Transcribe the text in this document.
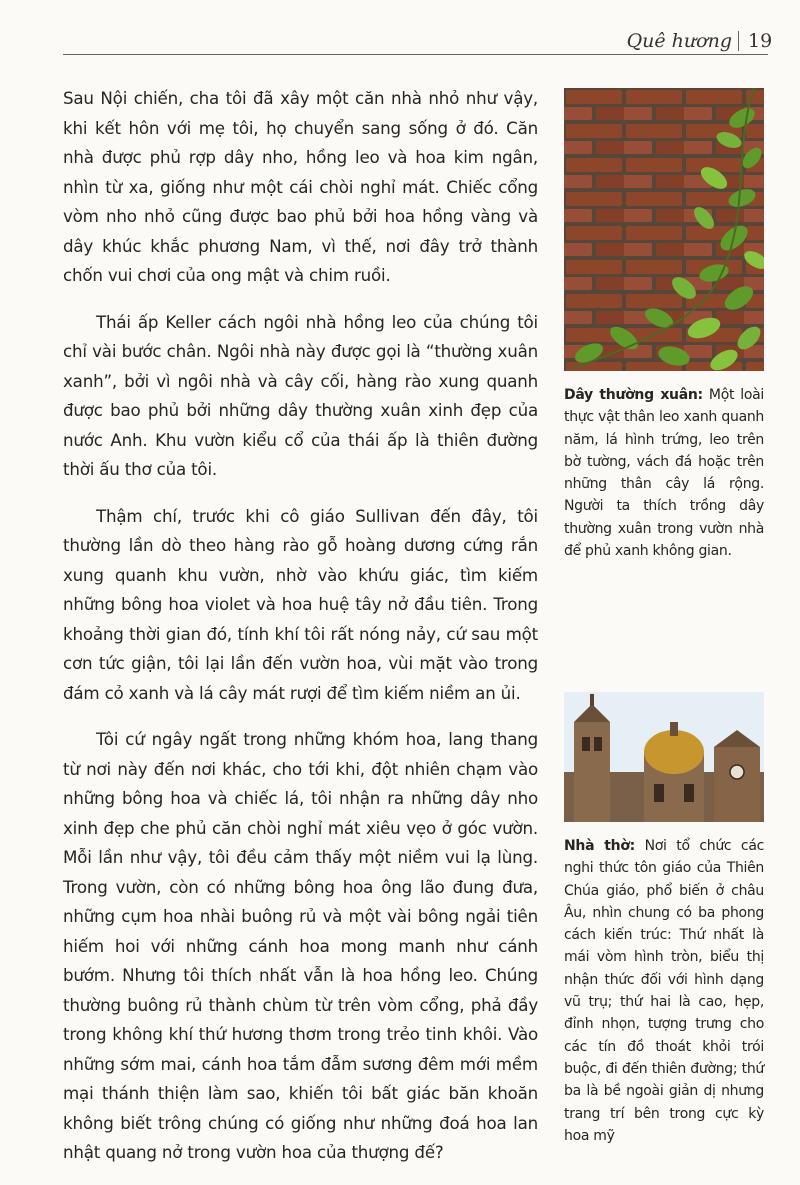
Quê hương 19

Sau Nội chiến, cha tôi đã xây một căn nhà nhỏ như vậy, khi kết hôn với mẹ tôi, họ chuyển sang sống ở đó. Căn nhà được phủ rợp dây nho, hồng leo và hoa kim ngân, nhìn từ xa, giống như một cái chòi nghỉ mát. Chiếc cổng vòm nho nhỏ cũng được bao phủ bởi hoa hồng vàng và dây khúc khắc phương Nam, vì thế, nơi đây trở thành chốn vui chơi của ong mật và chim ruồi.

Thái ấp Keller cách ngôi nhà hồng leo của chúng tôi chỉ vài bước chân. Ngôi nhà này được gọi là “thường xuân xanh”, bởi vì ngôi nhà và cây cối, hàng rào xung quanh được bao phủ bởi những dây thường xuân xinh đẹp của nước Anh. Khu vườn kiểu cổ của thái ấp là thiên đường thời ấu thơ của tôi.

Thậm chí, trước khi cô giáo Sullivan đến đây, tôi thường lần dò theo hàng rào gỗ hoàng dương cứng rắn xung quanh khu vườn, nhờ vào khứu giác, tìm kiếm những bông hoa violet và hoa huệ tây nở đầu tiên. Trong khoảng thời gian đó, tính khí tôi rất nóng nảy, cứ sau một cơn tức giận, tôi lại lần đến vườn hoa, vùi mặt vào trong đám cỏ xanh và lá cây mát rượi để tìm kiếm niềm an ủi.

Tôi cứ ngây ngất trong những khóm hoa, lang thang từ nơi này đến nơi khác, cho tới khi, đột nhiên chạm vào những bông hoa và chiếc lá, tôi nhận ra những dây nho xinh đẹp che phủ căn chòi nghỉ mát xiêu vẹo ở góc vườn. Mỗi lần như vậy, tôi đều cảm thấy một niềm vui lạ lùng. Trong vườn, còn có những bông hoa ông lão đung đưa, những cụm hoa nhài buông rủ và một vài bông ngải tiên hiếm hoi với những cánh hoa mong manh như cánh bướm. Nhưng tôi thích nhất vẫn là hoa hồng leo. Chúng thường buông rủ thành chùm từ trên vòm cổng, phả đầy trong không khí thứ hương thơm trong trẻo tinh khôi. Vào những sớm mai, cánh hoa tắm đẫm sương đêm mới mềm mại thánh thiện làm sao, khiến tôi bất giác băn khoăn không biết trông chúng có giống như những đoá hoa lan nhật quang nở trong vườn hoa của thượng đế?

Dây thường xuân: Một loài thực vật thân leo xanh quanh năm, lá hình trứng, leo trên bờ tường, vách đá hoặc trên những thân cây lá rộng. Người ta thích trồng dây thường xuân trong vườn nhà để phủ xanh không gian.
Nhà thờ: Nơi tổ chức các nghi thức tôn giáo của Thiên Chúa giáo, phổ biến ở châu Âu, nhìn chung có ba phong cách kiến trúc: Thứ nhất là mái vòm hình tròn, biểu thị nhận thức đối với hình dạng vũ trụ; thứ hai là cao, hẹp, đỉnh nhọn, tượng trưng cho các tín đồ thoát khỏi trói buộc, đi đến thiên đường; thứ ba là bề ngoài giản dị nhưng trang trí bên trong cực kỳ hoa mỹ
